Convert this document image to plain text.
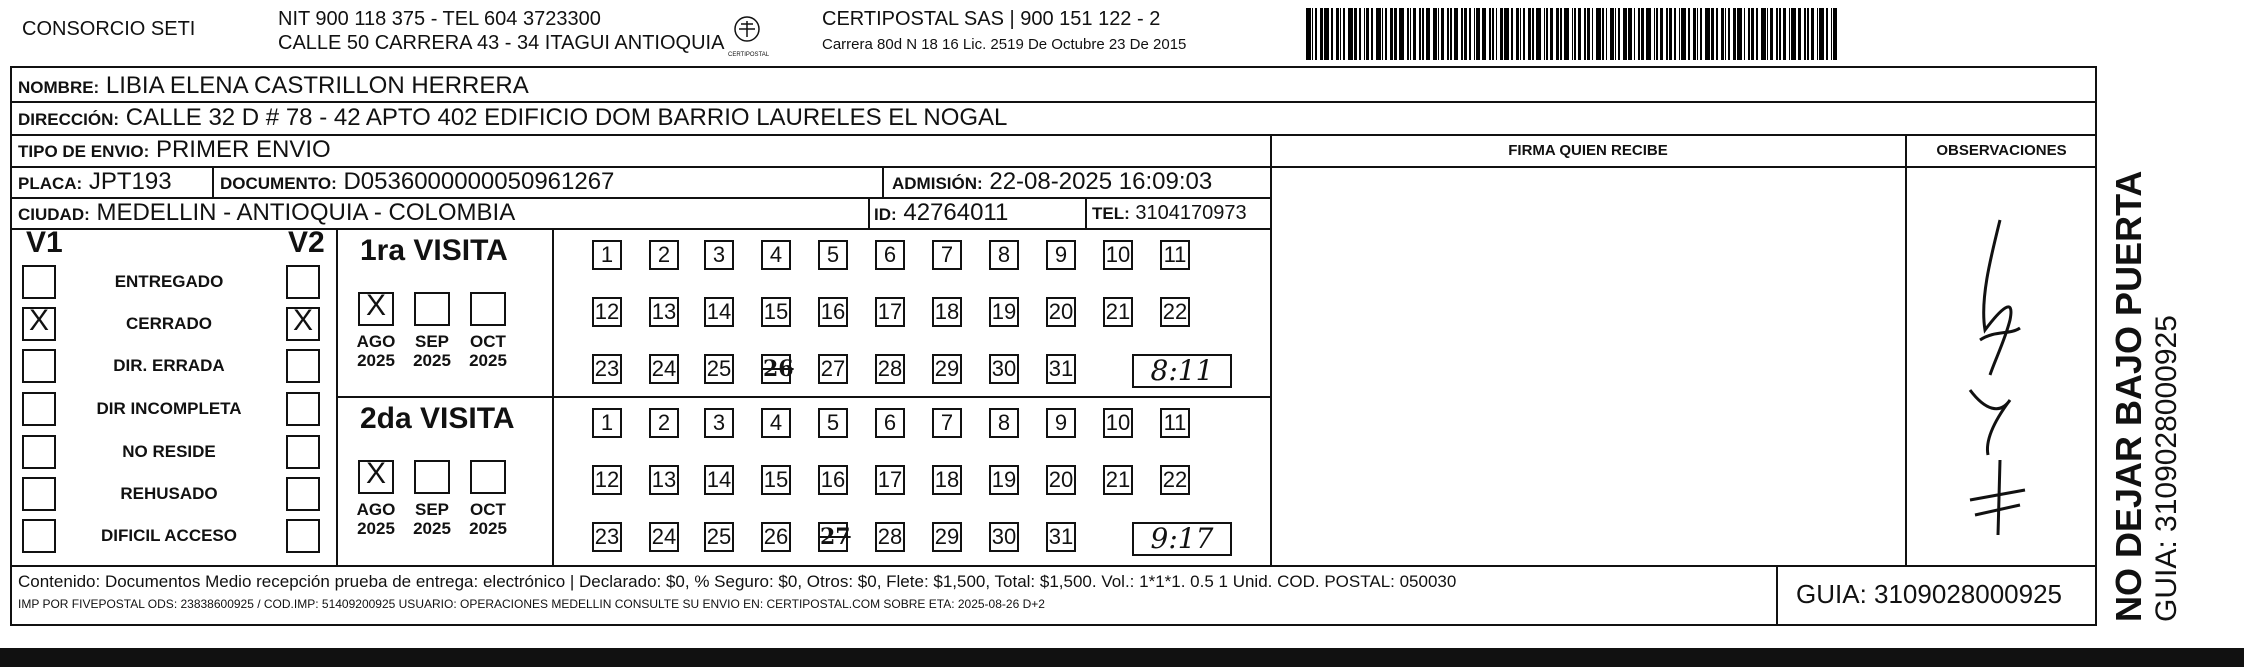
CONSORCIO SETI	NIT 900 118 375 - TEL 604 3723300
CALLE 50 CARRERA 43 - 34 ITAGUI ANTIOQUIA
CERTIPOSTAL
CERTIPOSTAL SAS | 900 151 122 - 2
Carrera 80d N 18 16 Lic. 2519 De Octubre 23 De 2015
NOMBRE: LIBIA ELENA CASTRILLON HERRERA
DIRECCIÓN: CALLE 32 D # 78 - 42 APTO 402 EDIFICIO DOM BARRIO LAURELES EL NOGAL
TIPO DE ENVIO: PRIMER ENVIO
PLACA: JPT193	DOCUMENTO: D0536000000050961267	ADMISIÓN: 22-08-2025 16:09:03
CIUDAD: MEDELLIN - ANTIOQUIA - COLOMBIA	ID: 42764011	TEL: 3104170973
FIRMA QUIEN RECIBE	OBSERVACIONES
V1	V2
ENTREGADO
X	CERRADO	X
DIR. ERRADA
DIR INCOMPLETA
NO RESIDE
REHUSADO
DIFICIL ACCESO
1ra VISITA
X
AGO
2025
SEP
2025
OCT
2025
1	2	3	4	5	6	7	8	9	10 11
12 13 14 15 16 17 18 19 20 21 22
23 24 25 26 27 28 29 30 31	8:11
2da VISITA
X
AGO
2025
SEP
2025
OCT
2025
1	2	3	4	5	6	7	8	9	10 11
12 13 14 15 16 17 18 19 20 21 22
23 24 25 26 27 28 29 30 31	9:17
Contenido: Documentos Medio recepción prueba de entrega: electrónico | Declarado: $0, % Seguro: $0, Otros: $0, Flete: $1,500, Total: $1,500. Vol.: 1*1*1. 0.5 1 Unid. COD. POSTAL: 050030
IMP POR FIVEPOSTAL ODS: 23838600925 / COD.IMP: 51409200925 USUARIO: OPERACIONES MEDELLIN CONSULTE SU ENVIO EN: CERTIPOSTAL.COM SOBRE ETA: 2025-08-26 D+2	GUIA: 3109028000925 NO DEJAR BAJO PUERTA GUIA: 3109028000925
